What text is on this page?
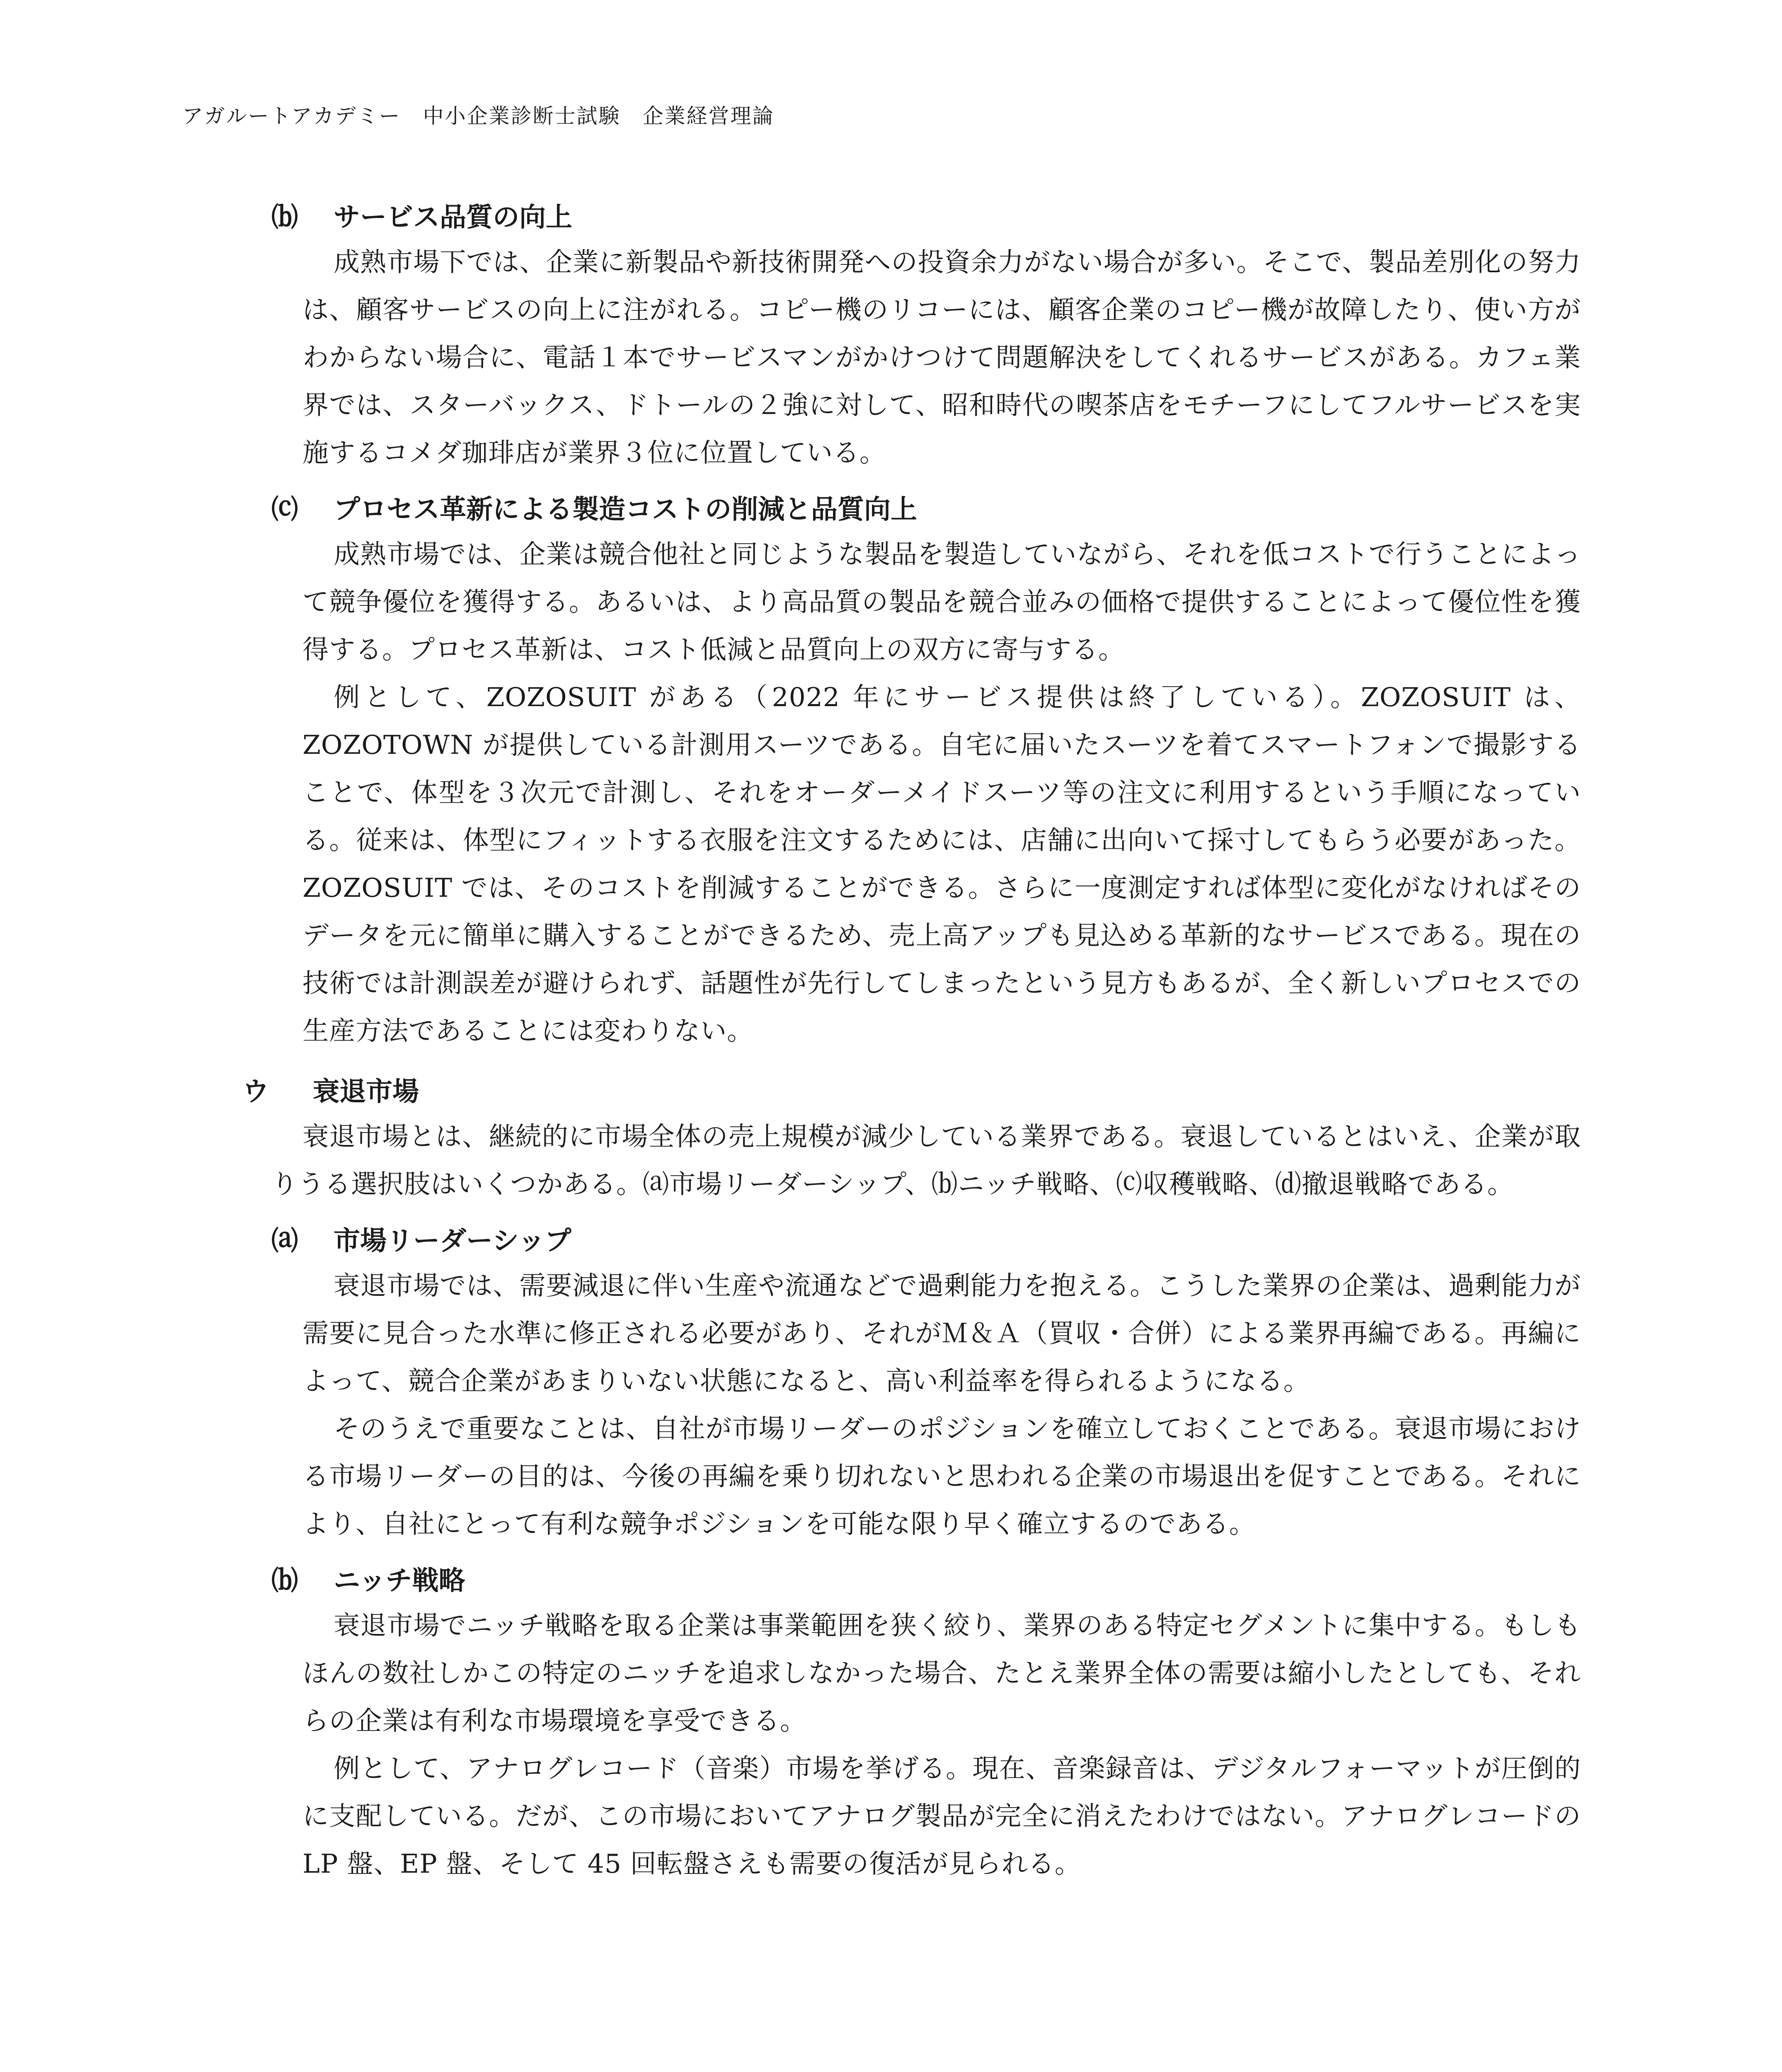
アガルートアカデミー　中小企業診断士試験　企業経営理論
⒝ サービス品質の向上

成熟市場下では、企業に新製品や新技術開発への投資余力がない場合が多い。そこで、製品差別化の努力は、顧客サービスの向上に注がれる。コピー機のリコーには、顧客企業のコピー機が故障したり、使い方がわからない場合に、電話１本でサービスマンがかけつけて問題解決をしてくれるサービスがある。カフェ業界では、スターバックス、ドトールの２強に対して、昭和時代の喫茶店をモチーフにしてフルサービスを実施するコメダ珈琲店が業界３位に位置している。

⒞ プロセス革新による製造コストの削減と品質向上

成熟市場では、企業は競合他社と同じような製品を製造していながら、それを低コストで行うことによって競争優位を獲得する。あるいは、より高品質の製品を競合並みの価格で提供することによって優位性を獲得する。プロセス革新は、コスト低減と品質向上の双方に寄与する。

例として、ZOZOSUIT がある（2022 年にサービス提供は終了している）。ZOZOSUIT は、ZOZOTOWN が提供している計測用スーツである。自宅に届いたスーツを着てスマートフォンで撮影することで、体型を３次元で計測し、それをオーダーメイドスーツ等の注文に利用するという手順になっている。従来は、体型にフィットする衣服を注文するためには、店舗に出向いて採寸してもらう必要があった。ZOZOSUIT では、そのコストを削減することができる。さらに一度測定すれば体型に変化がなければそのデータを元に簡単に購入することができるため、売上高アップも見込める革新的なサービスである。現在の技術では計測誤差が避けられず、話題性が先行してしまったという見方もあるが、全く新しいプロセスでの生産方法であることには変わりない。

ウ 衰退市場

衰退市場とは、継続的に市場全体の売上規模が減少している業界である。衰退しているとはいえ、企業が取りうる選択肢はいくつかある。⒜市場リーダーシップ、⒝ニッチ戦略、⒞収穫戦略、⒟撤退戦略である。

⒜ 市場リーダーシップ

衰退市場では、需要減退に伴い生産や流通などで過剰能力を抱える。こうした業界の企業は、過剰能力が需要に見合った水準に修正される必要があり、それがＭ＆Ａ（買収・合併）による業界再編である。再編によって、競合企業があまりいない状態になると、高い利益率を得られるようになる。

そのうえで重要なことは、自社が市場リーダーのポジションを確立しておくことである。衰退市場における市場リーダーの目的は、今後の再編を乗り切れないと思われる企業の市場退出を促すことである。それにより、自社にとって有利な競争ポジションを可能な限り早く確立するのである。

⒝ ニッチ戦略

衰退市場でニッチ戦略を取る企業は事業範囲を狭く絞り、業界のある特定セグメントに集中する。もしもほんの数社しかこの特定のニッチを追求しなかった場合、たとえ業界全体の需要は縮小したとしても、それらの企業は有利な市場環境を享受できる。

例として、アナログレコード（音楽）市場を挙げる。現在、音楽録音は、デジタルフォーマットが圧倒的に支配している。だが、この市場においてアナログ製品が完全に消えたわけではない。アナログレコードの LP 盤、EP 盤、そして 45 回転盤さえも需要の復活が見られる。
